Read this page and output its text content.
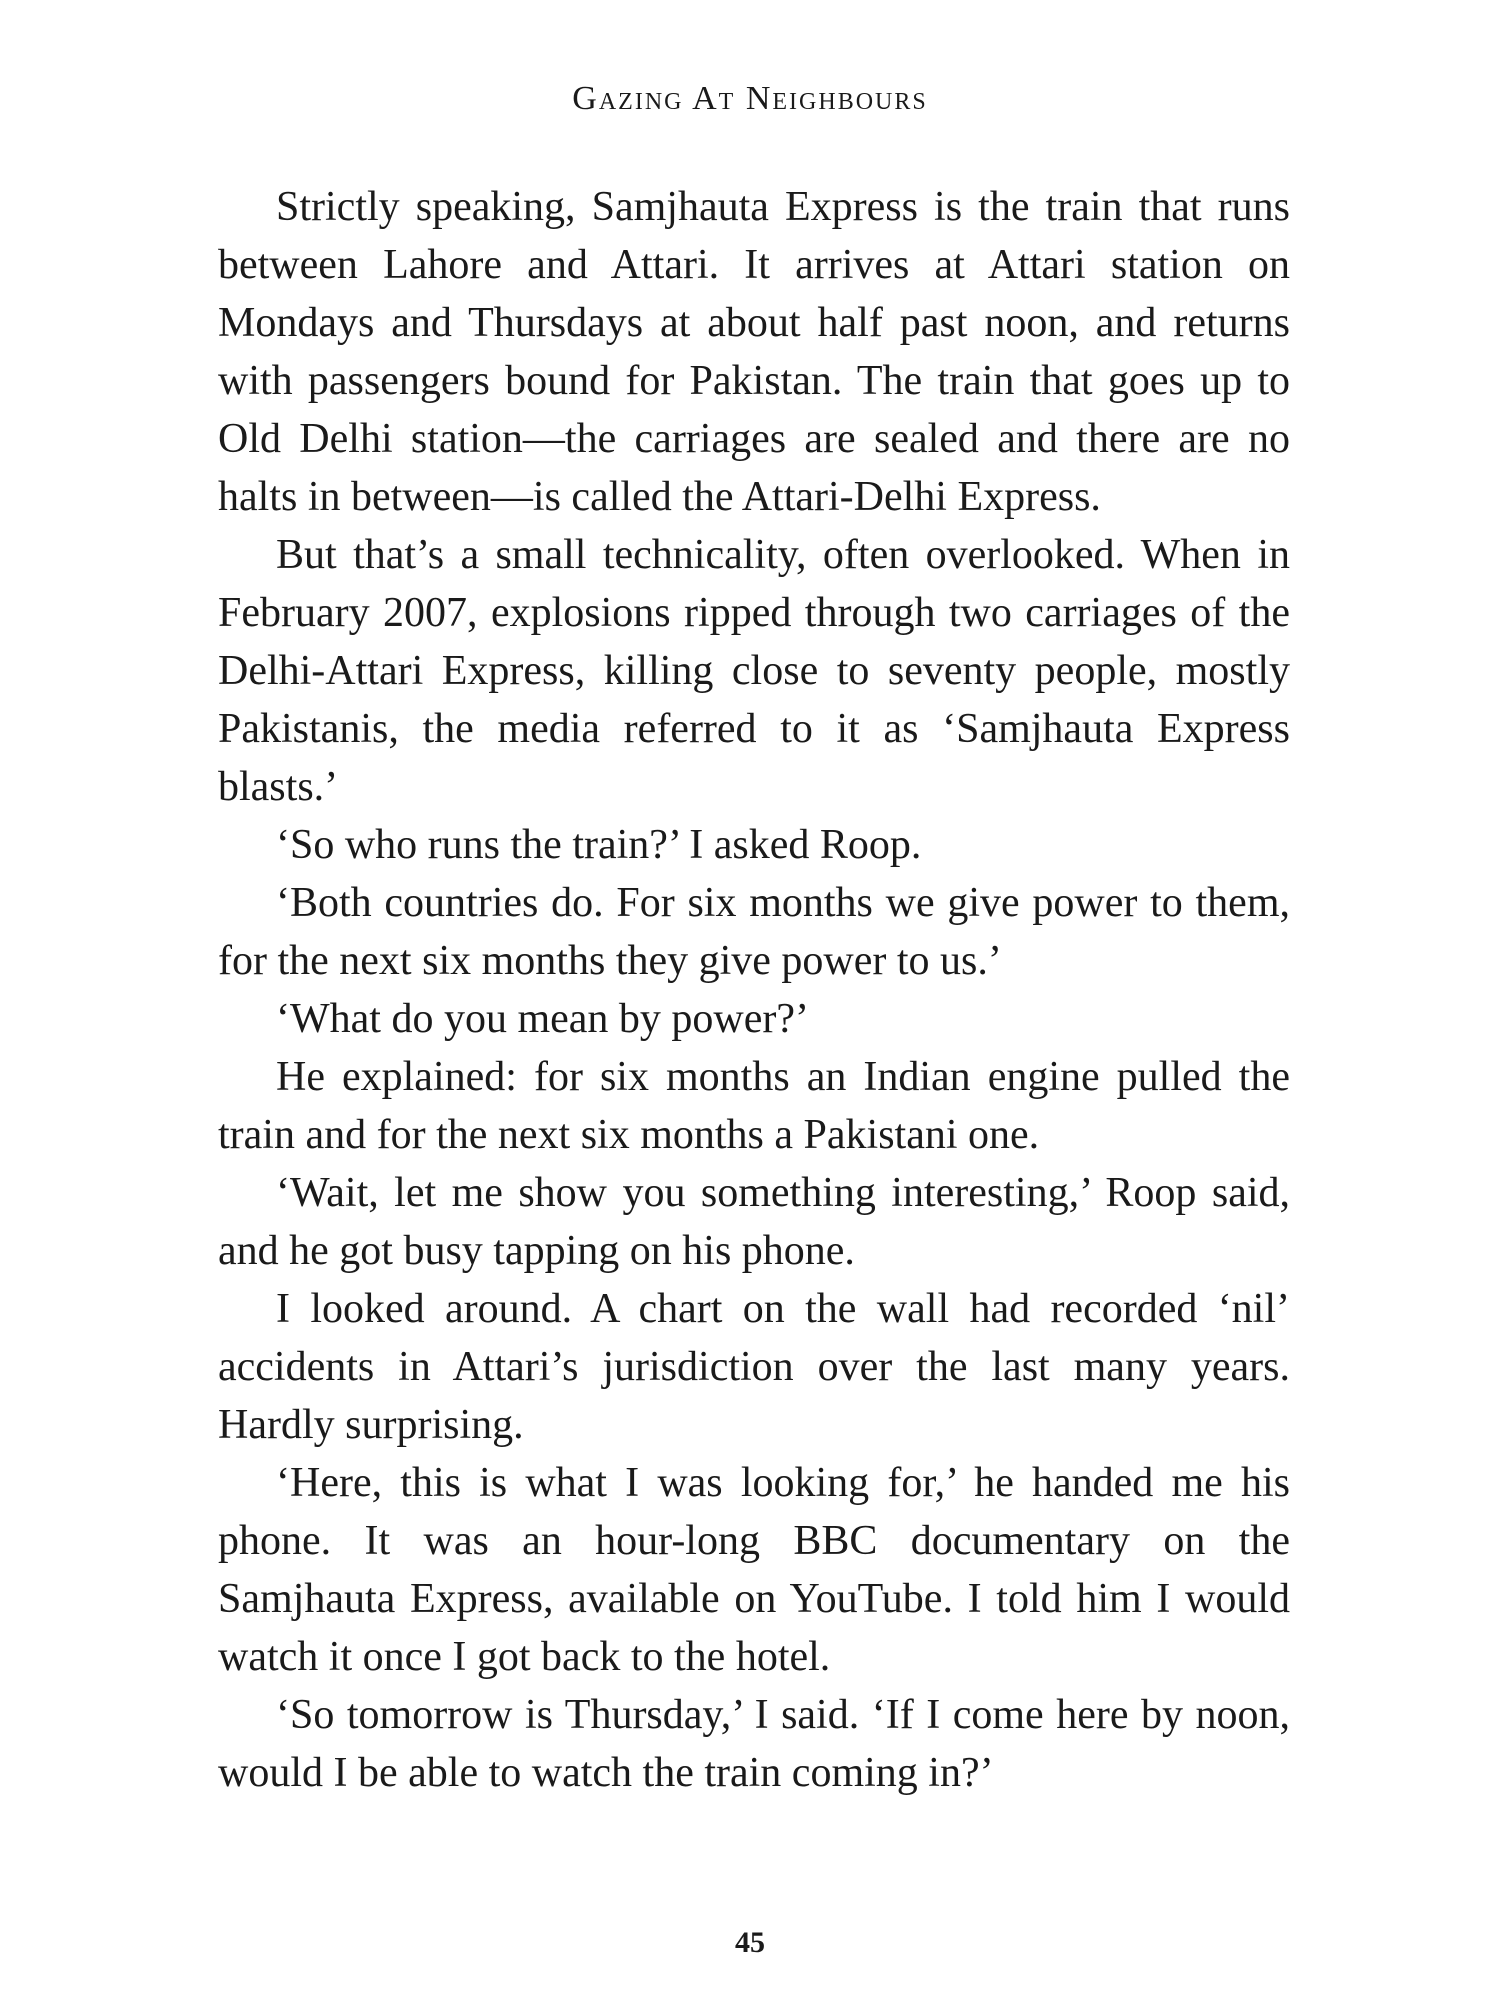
Gazing At Neighbours

Strictly speaking, Samjhauta Express is the train that runs between Lahore and Attari. It arrives at Attari station on Mondays and Thursdays at about half past noon, and returns with passengers bound for Pakistan. The train that goes up to Old Delhi station—the carriages are sealed and there are no halts in between—is called the Attari-Delhi Express.

But that’s a small technicality, often overlooked. When in February 2007, explosions ripped through two carriages of the Delhi-Attari Express, killing close to seventy people, mostly Pakistanis, the media referred to it as ‘Samjhauta Express blasts.’

‘So who runs the train?’ I asked Roop.

‘Both countries do. For six months we give power to them, for the next six months they give power to us.’

‘What do you mean by power?’

He explained: for six months an Indian engine pulled the train and for the next six months a Pakistani one.

‘Wait, let me show you something interesting,’ Roop said, and he got busy tapping on his phone.

I looked around. A chart on the wall had recorded ‘nil’ accidents in Attari’s jurisdiction over the last many years. Hardly surprising.

‘Here, this is what I was looking for,’ he handed me his phone. It was an hour-long BBC documentary on the Samjhauta Express, available on YouTube. I told him I would watch it once I got back to the hotel.

‘So tomorrow is Thursday,’ I said. ‘If I come here by noon, would I be able to watch the train coming in?’

45
